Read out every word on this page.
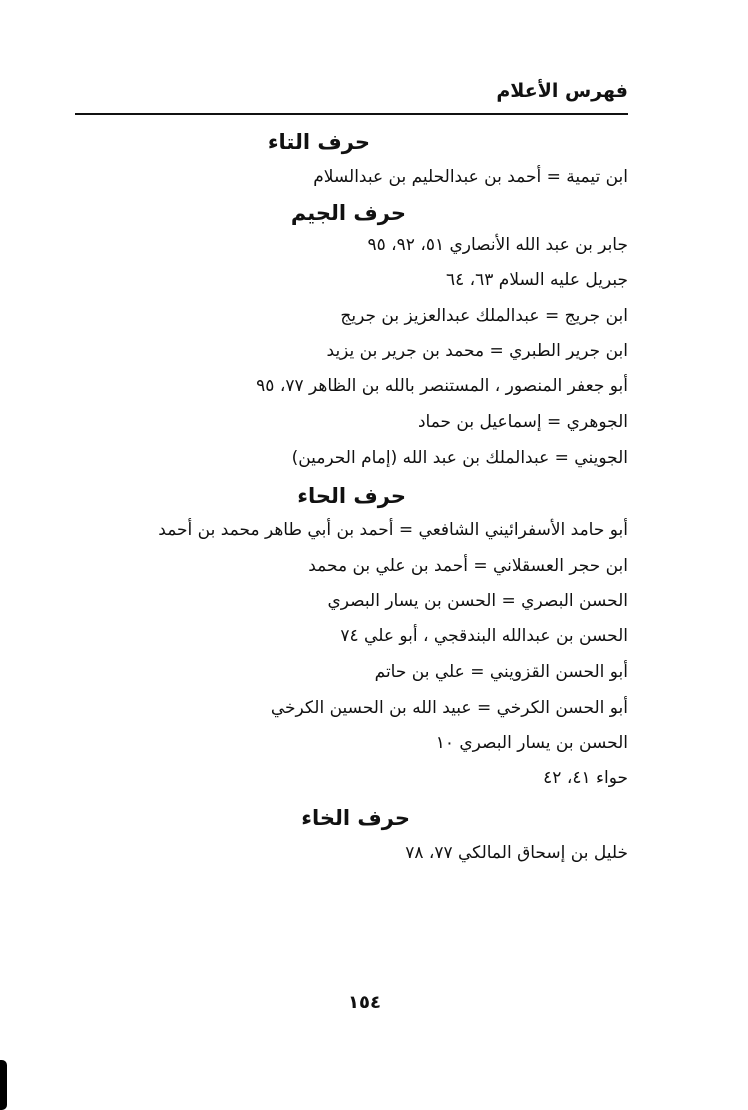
فهرس الأعلام
حرف التاء
ابن تيمية = أحمد بن عبدالحليم بن عبدالسلام
حرف الجيم
جابر بن عبد الله الأنصاري ٥١، ٩٢، ٩٥
جبريل عليه السلام ٦٣، ٦٤
ابن جريج = عبدالملك عبدالعزيز بن جريج
ابن جرير الطبري = محمد بن جرير بن يزيد
أبو جعفر المنصور ، المستنصر بالله بن الظاهر ٧٧، ٩٥
الجوهري = إسماعيل بن حماد
الجويني = عبدالملك بن عبد الله (إمام الحرمين)
حرف الحاء
أبو حامد الأسفرائيني الشافعي = أحمد بن أبي طاهر محمد بن أحمد
ابن حجر العسقلاني = أحمد بن علي بن محمد
الحسن البصري = الحسن بن يسار البصري
الحسن بن عبدالله البندقجي ، أبو علي ٧٤
أبو الحسن القزويني = علي بن حاتم
أبو الحسن الكرخي = عبيد الله بن الحسين الكرخي
الحسن بن يسار البصري ١٠
حواء ٤١، ٤٢
حرف الخاء
خليل بن إسحاق المالكي ٧٧، ٧٨
١٥٤
